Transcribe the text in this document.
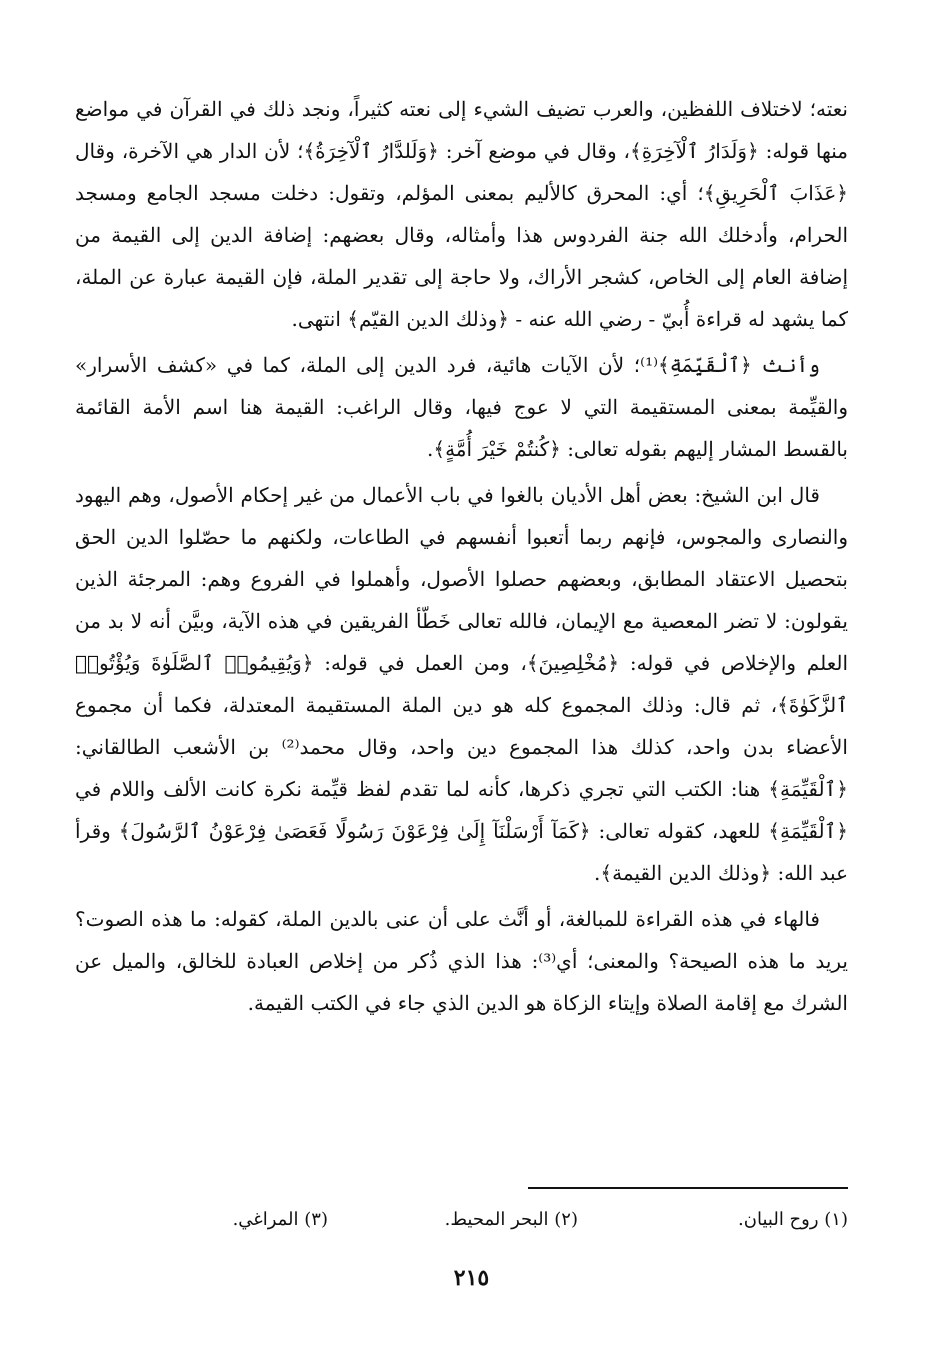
نعته؛ لاختلاف اللفظين، والعرب تضيف الشيء إلى نعته كثيراً، ونجد ذلك في القرآن في مواضع منها قوله: ﴿وَلَدَارُ ٱلْآخِرَةِ﴾، وقال في موضع آخر: ﴿وَلَلدَّارُ ٱلْآخِرَةُ﴾؛ لأن الدار هي الآخرة، وقال ﴿عَذَابَ ٱلْحَرِيقِ﴾؛ أي: المحرق كالأليم بمعنى المؤلم، وتقول: دخلت مسجد الجامع ومسجد الحرام، وأدخلك الله جنة الفردوس هذا وأمثاله، وقال بعضهم: إضافة الدين إلى القيمة من إضافة العام إلى الخاص، كشجر الأراك، ولا حاجة إلى تقدير الملة، فإن القيمة عبارة عن الملة، كما يشهد له قراءة أُبيّ - رضي الله عنه - ﴿وذلك الدين القيّم﴾ انتهى.

وأنث ﴿ٱلْقَيِّمَةِ﴾⁽¹⁾؛ لأن الآيات هائية، فرد الدين إلى الملة، كما في «كشف الأسرار» والقيِّمة بمعنى المستقيمة التي لا عوج فيها، وقال الراغب: القيمة هنا اسم الأمة القائمة بالقسط المشار إليهم بقوله تعالى: ﴿كُنتُمْ خَيْرَ أُمَّةٍ﴾.

قال ابن الشيخ: بعض أهل الأديان بالغوا في باب الأعمال من غير إحكام الأصول، وهم اليهود والنصارى والمجوس، فإنهم ربما أتعبوا أنفسهم في الطاعات، ولكنهم ما حصّلوا الدين الحق بتحصيل الاعتقاد المطابق، وبعضهم حصلوا الأصول، وأهملوا في الفروع وهم: المرجئة الذين يقولون: لا تضر المعصية مع الإيمان، فالله تعالى خَطّأ الفريقين في هذه الآية، وبيَّن أنه لا بد من العلم والإخلاص في قوله: ﴿مُخْلِصِينَ﴾، ومن العمل في قوله: ﴿وَيُقِيمُوا۟ ٱلصَّلَوٰةَ وَيُؤْتُوا۟ ٱلزَّكَوٰةَ﴾، ثم قال: وذلك المجموع كله هو دين الملة المستقيمة المعتدلة، فكما أن مجموع الأعضاء بدن واحد، كذلك هذا المجموع دين واحد، وقال محمد⁽²⁾ بن الأشعب الطالقاني: ﴿ٱلْقَيِّمَةِ﴾ هنا: الكتب التي تجري ذكرها، كأنه لما تقدم لفظ قيِّمة نكرة كانت الألف واللام في ﴿ٱلْقَيِّمَةِ﴾ للعهد، كقوله تعالى: ﴿كَمَآ أَرْسَلْنَآ إِلَىٰ فِرْعَوْنَ رَسُولًا فَعَصَىٰ فِرْعَوْنُ ٱلرَّسُولَ﴾ وقرأ عبد الله: ﴿وذلك الدين القيمة﴾.

فالهاء في هذه القراءة للمبالغة، أو أنَّث على أن عنى بالدين الملة، كقوله: ما هذه الصوت؟ يريد ما هذه الصيحة؟ والمعنى؛ أي⁽³⁾: هذا الذي ذُكر من إخلاص العبادة للخالق، والميل عن الشرك مع إقامة الصلاة وإيتاء الزكاة هو الدين الذي جاء في الكتب القيمة.

(١) روح البيان.
(٢) البحر المحيط.
(٣) المراغي.
٢١٥
